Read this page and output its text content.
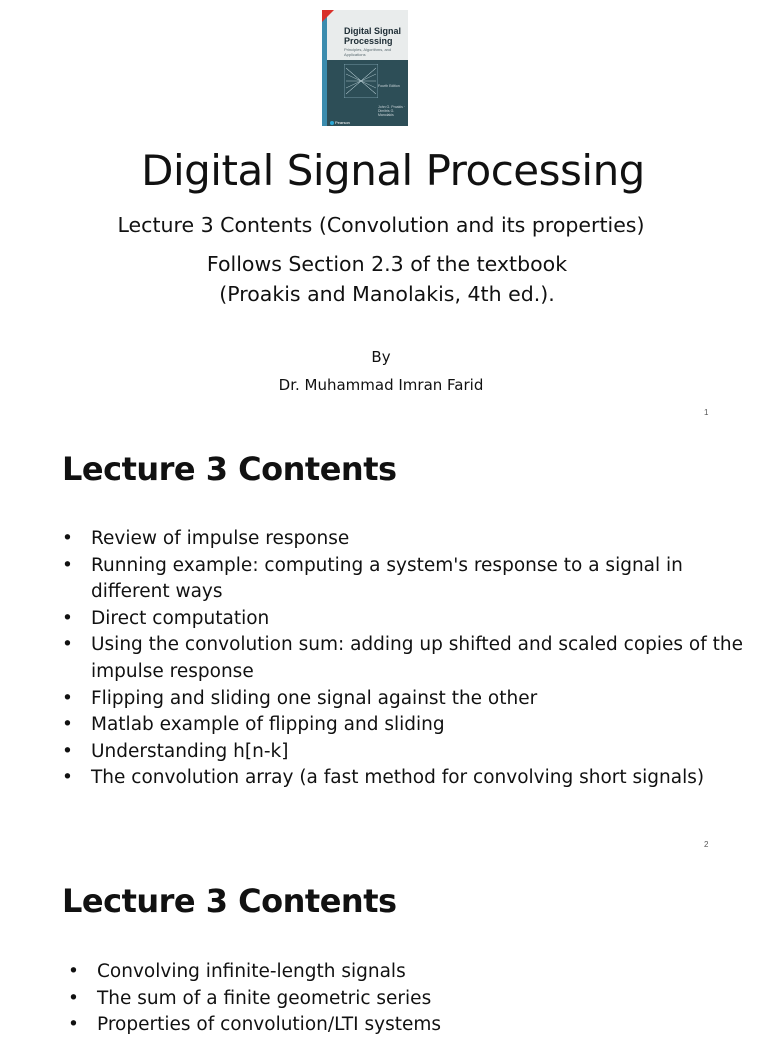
Digital Signal
Processing
Principles, Algorithms, and Applications
Fourth Edition
John G. Proakis · Dimitris G. Manolakis
Pearson
Digital Signal Processing
Lecture 3 Contents (Convolution and its properties)
Follows Section 2.3 of the textbook (Proakis and Manolakis, 4th ed.).
By
Dr. Muhammad Imran Farid
1
Lecture 3 Contents
• Review of impulse response
• Running example: computing a system's response to a signal in different ways
• Direct computation
• Using the convolution sum: adding up shifted and scaled copies of the impulse response
• Flipping and sliding one signal against the other
• Matlab example of flipping and sliding
• Understanding h[n-k]
• The convolution array (a fast method for convolving short signals)
2
Lecture 3 Contents
• Convolving infinite-length signals
• The sum of a finite geometric series
• Properties of convolution/LTI systems
